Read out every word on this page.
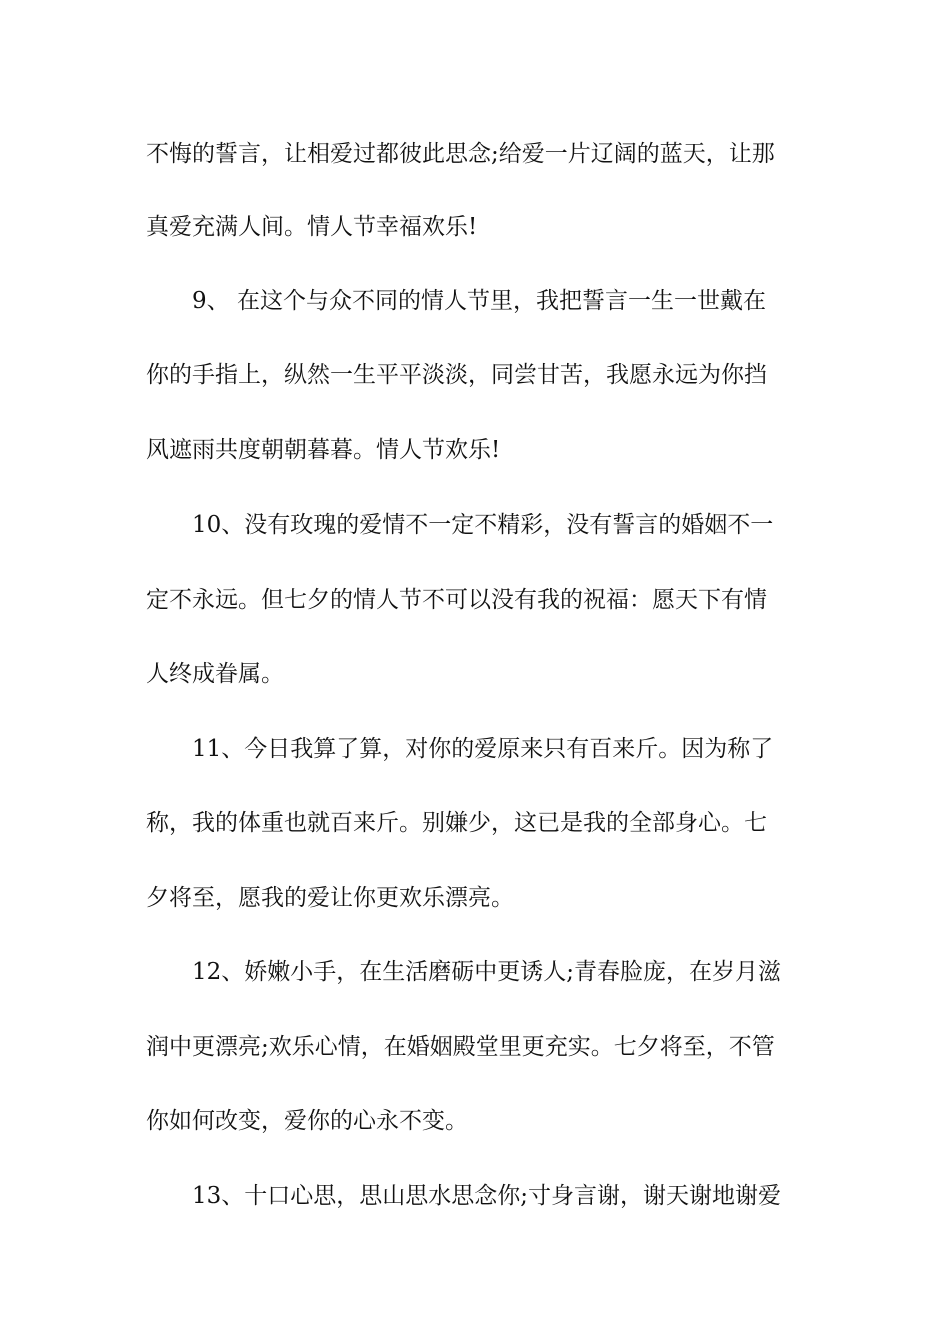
不悔的誓言，让相爱过都彼此思念;给爱一片辽阔的蓝天，让那
真爱充满人间。情人节幸福欢乐!
9、 在这个与众不同的情人节里，我把誓言一生一世戴在
你的手指上，纵然一生平平淡淡，同尝甘苦，我愿永远为你挡
风遮雨共度朝朝暮暮。情人节欢乐!
10、没有玫瑰的爱情不一定不精彩，没有誓言的婚姻不一
定不永远。但七夕的情人节不可以没有我的祝福：愿天下有情
人终成眷属。
11、今日我算了算，对你的爱原来只有百来斤。因为称了
称，我的体重也就百来斤。别嫌少，这已是我的全部身心。七
夕将至，愿我的爱让你更欢乐漂亮。
12、娇嫩小手，在生活磨砺中更诱人;青春脸庞，在岁月滋
润中更漂亮;欢乐心情，在婚姻殿堂里更充实。七夕将至，不管
你如何改变，爱你的心永不变。
13、十口心思，思山思水思念你;寸身言谢，谢天谢地谢爱
